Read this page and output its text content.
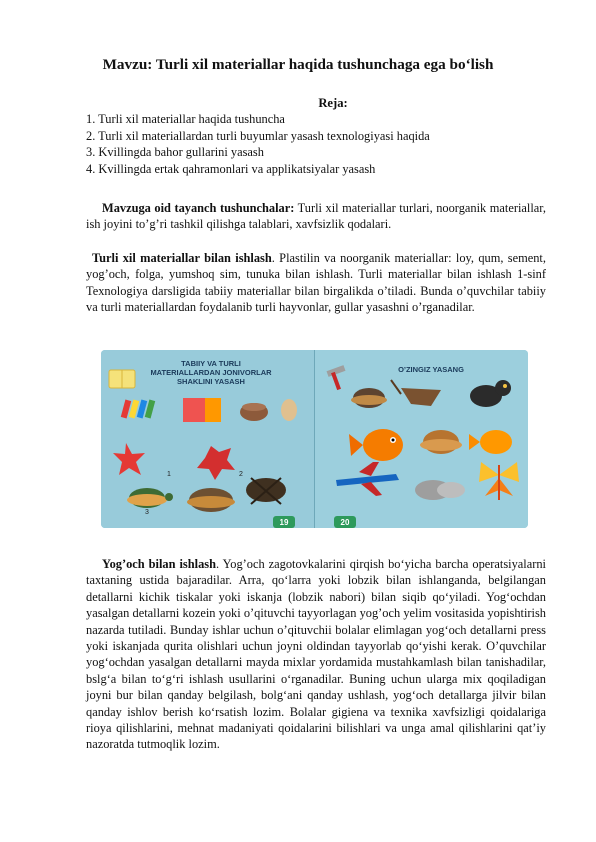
Mavzu: Turli xil materiallar haqida tushunchaga ega bo‘lish
Reja:
1. Turli xil materiallar haqida tushuncha
2. Turli xil materiallardan turli buyumlar yasash texnologiyasi haqida
3. Kvillingda bahor gullarini yasash
4. Kvillingda ertak qahramonlari va applikatsiyalar yasash
Mavzuga oid tayanch tushunchalar: Turli xil materiallar turlari, noorganik materiallar, ish joyini to’g’ri tashkil qilishga talablari, xavfsizlik qodalari.
Turli xil materiallar bilan ishlash. Plastilin va noorganik materiallar: loy, qum, sement, yog’och, folga, yumshoq sim, tunuka bilan ishlash. Turli materiallar bilan ishlash 1-sinf Texnologiya darsligida tabiiy materiallar bilan birgalikda o’tiladi. Bunda o’quvchilar tabiiy va turli materiallardan foydalanib turli hayvonlar, gullar yasashni o’rganadilar.
TABIIY VA TURLI
MATERIALLARDAN JONIVORLAR
SHAKLINI YASASH
2
1
3
19	20
O’ZINGIZ YASANG
Yog’och bilan ishlash. Yog’och zagotovkalarini qirqish bo‘yicha barcha operatsiyalarni taxtaning ustida bajaradilar. Arra, qo‘larra yoki lobzik bilan ishlanganda, belgilangan detallarni kichik tiskalar yoki iskanja (lobzik nabori) bilan siqib qo‘yiladi. Yog‘ochdan yasalgan detallarni kozein yoki o’qituvchi tayyorlagan yog’och yelim vositasida yopishtirish nazarda tutiladi. Bunday ishlar uchun o’qituvchii bolalar elimlagan yog‘och detallarni press yoki iskanjada qurita olishlari uchun joyni oldindan tayyorlab qo‘yishi kerak. O’quvchilar yog‘ochdan yasalgan detallarni mayda mixlar yordamida mustahkamlash bilan tanishadilar, bslg‘a bilan to‘g‘ri ishlash usullarini o‘rganadilar. Buning uchun ularga mix qoqiladigan joyni bur bilan qanday belgilash, bolg‘ani qanday ushlash, yog‘och detallarga jilvir bilan qanday ishlov berish ko‘rsatish lozim. Bolalar gigiena va texnika xavfsizligi qoidalariga rioya qilishlarini, mehnat madaniyati qoidalarini bilishlari va unga amal qilishlarini qat’iy nazoratda tutmoqlik lozim.
